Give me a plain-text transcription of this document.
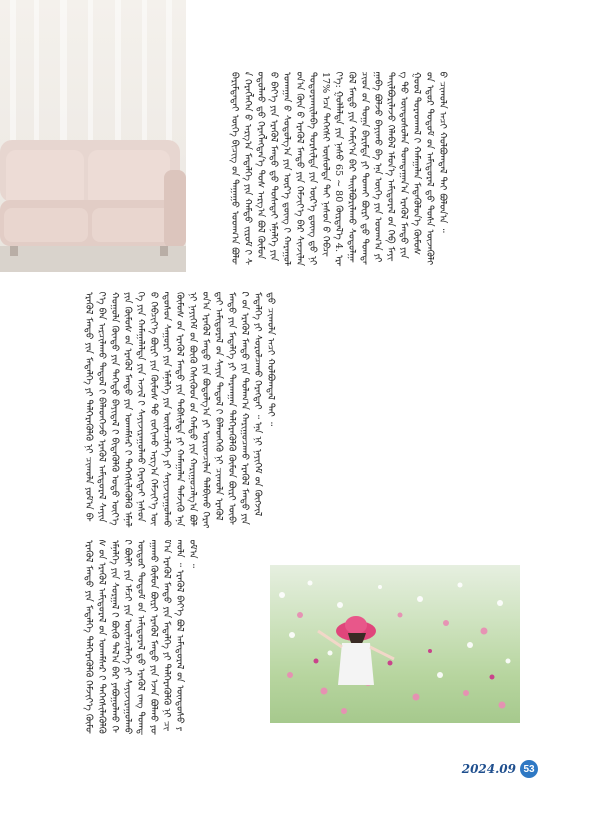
ᠪᠠᠷᠢᠮᠲᠠᠳᠠᠢ ᠦᠭᠡ ᠪᠢᠴᠢᠭ᠌ ᠤ᠋ᠨ ᠳᠠᠭᠠᠭᠤ ᠤᠳᠬ᠎ᠠ ᠪᠣᠯᠤᠨ ᠬᠡᠷᠡᠭᠯᠡᠭᠡᠨ ᠤ᠋ ᠠᠷᠭ᠎ᠠ ᠮᠡᠳᠡᠯᠭᠡ ᠶᠢᠨ ᠬᠠᠮᠲᠤ ᠵᠢᠷᠤᠮ ᠢ᠋ ᠰᠤᠳᠤᠯᠬᠤ ᠳ᠋ᠤ᠌ ᠬᠡᠷᠡᠭᠯᠡᠭᠳᠡᠨ᠎ᠡ ᠲᠤᠰ ᠠᠷᠭ᠎ᠠ ᠪᠣᠯ ᠬᠦᠮᠦᠨ ᠦ᠌ ᠪᠡᠶ᠎ᠡ ᠶᠢᠨ ᠡᠷᠡᠭᠦᠯ ᠮᠡᠨᠳᠦ ᠳ᠋ᠤ᠌ ᠲᠤᠰᠠᠲᠠᠢ ᠡᠮᠨᠡᠯᠭᠡ ᠶᠢᠨ ᠤᠬᠠᠭᠠᠨ ᠤ᠋ ᠰᠤᠳᠤᠯᠭ᠎ᠠ ᠶᠢᠨ ᠦᠷ᠎ᠡ ᠳ᠋ᠦᠩ ᠢ᠋ ᠬᠠᠷᠠᠭᠤᠯᠤᠨ᠎ᠠ ᠬᠦᠨ ᠦ᠌ ᠡᠷᠡᠭᠦᠯ ᠮᠡᠨᠳᠦ ᠶᠢᠨ ᠬᠡᠮᠵᠢᠶ᠎ᠡ ᠪᠡᠷ ᠰᠢᠨᠵᠢᠯᠡᠨ ᠲᠣᠳᠣᠷᠬᠠᠢᠯᠠᠪᠠ ᠲᠤᠷᠰᠢᠯᠲᠠ ᠶᠢᠨ ᠦᠷ᠎ᠡ ᠳ᠋ᠦᠩ ᠳ᠋ᠤ᠌ ᠨᠢ 17% ᠡᠴᠡ ᠳᠡᠭᠡᠭᠰᠢ ᠦᠰᠦᠯᠲᠡ ᠲᠠᠢ ᠨᠠᠰᠤᠨ ᠤ᠋ ᠬᠡᠪᠴᠢᠶ᠎ᠡ: ᠭᠣᠯᠯᠠᠯᠲᠠ ᠶᠢᠨ ᠨᠠᠰᠤ 65 ~ 80 ᠬᠦᠷᠲᠡᠯ᠎ᠡ 4. ᠡᠷᠡᠭᠦᠯ ᠮᠡᠨᠳᠦ ᠶᠢᠨ ᠬᠠᠮᠢᠶ᠎ᠠ ᠪᠠᠷ ᠲᠠᠢᠯᠪᠤᠷᠢᠯᠠᠬᠤ ᠰᠤᠳᠤᠯᠭᠠᠴᠢᠳ ᠤ᠋ᠨ ᠲᠣᠭᠠ ᠪᠠᠷᠢᠮᠲᠠ ᠶᠢ ᠲᠤᠬᠠᠢ ᠪᠦᠷᠢ ᠳ᠋ᠤ᠌ ᠲᠣᠭᠲᠠᠭᠠᠪᠠ ᠪᠣᠯᠵᠤ ᠪᠠᠶᠢᠬᠤ ᠪᠠ ᠡᠨᠡ ᠦᠭᠡ ᠶᠢᠨ ᠤᠳᠬ᠎ᠠ ᠶᠢ ᠲᠠᠢᠯᠪᠤᠷᠢᠯᠠᠵᠤ ᠬᠡᠯᠡᠪᠡᠯ ᠡᠮᠦᠨ᠎ᠡ ᠠᠮᠢᠳᠤᠷᠠᠯ ᠤ᠋ᠨ ᠬᠡᠪ ᠮᠠᠶᠢᠭ ᠲᠤ᠌ ᠦᠨᠳᠦᠰᠦᠯᠡᠨ ᠲᠣᠭᠲᠠᠭᠠᠨ᠎ᠠ ᠡᠷᠡᠭᠦᠯ ᠮᠡᠨᠳᠦ ᠶᠢᠨ ᠭᠣᠣᠯ ᠳᠤᠷᠠᠳᠬᠠᠯ ᠢ᠋ ᠬᠠᠮᠠᠭᠠᠯᠠᠨ ᠮᠡᠳᠡᠭᠦᠯᠦᠨ᠎ᠡ ᠬᠦᠮᠦᠰ ᠦ᠋ᠨ ᠡᠳᠦᠷ ᠲᠤᠲᠤᠮ ᠤ᠋ᠨ ᠠᠮᠢᠳᠤᠷᠠᠯ ᠳ᠋ᠤ᠌ ᠲᠤᠰᠠ ᠦᠵᠡᠭᠦᠯᠬᠦ ᠴᠢᠬᠤᠯᠠ ᠠᠴᠢ ᠬᠣᠯᠪᠣᠭᠳᠠᠯ ᠲᠠᠢ ᠪᠣᠯᠤᠨ᠎ᠠ ᠃
ᠡᠷᠡᠭᠦᠯ ᠮᠡᠨᠳᠦ ᠶᠢᠨ ᠮᠡᠳᠡᠯᠭᠡ ᠶᠢ ᠳᠡᠯᠭᠡᠷᠡᠭᠦᠯᠬᠦ ᠨᠢ ᠴᠢᠬᠤᠯᠠ ᠶᠤᠮ᠎ᠠ ᠪᠡᠶ᠎ᠡ ᠪᠡᠨ ᠠᠷᠴᠢᠯᠠᠬᠤ ᠳᠠᠳᠤᠯ ᠢ᠋ ᠪᠡᠯᠡᠳᠬᠡᠵᠦ ᠡᠷᠡᠭᠦᠯ ᠠᠮᠢᠳᠤᠷᠠᠯ ᠰᠠᠶᠢᠨ ᠬᠣᠭᠣᠯᠠ ᠬᠦᠨᠳᠦ ᠶᠢᠨ ᠳᠡᠭᠡᠳᠦ ᠪᠠᠶᠢᠳᠠᠯ ᠢ᠋ ᠪᠢᠳᠡᠭᠦᠯᠬᠦ ᠣᠳᠣ ᠦᠶ᠎ᠡ ᠶᠢᠨ ᠬᠦᠮᠦᠰ ᠤ᠋ᠨ ᠡᠷᠡᠭᠦᠯ ᠮᠡᠨᠳᠦ ᠶᠢᠨ ᠤᠬᠠᠮᠰᠠᠷ ᠢ᠋ ᠳᠡᠭᠡᠭᠰᠢᠯᠡᠭᠦᠯᠬᠦ ᠡᠮᠨᠡᠯᠭᠡ ᠶᠢᠨ ᠬᠠᠮᠠᠭᠠᠯᠠᠯᠲᠠ ᠶᠢᠨ ᠠᠵᠢᠯ ᠢ᠋ ᠰᠠᠶᠢᠵᠢᠷᠠᠭᠤᠯᠬᠤ ᠬᠡᠷᠡᠭᠲᠡᠶ ᠨᠠᠰᠤᠨ ᠤ᠋ ᠬᠡᠪᠴᠢᠶ᠎ᠡ ᠪᠦᠷᠢ ᠶᠢᠨ ᠬᠦᠮᠦᠰ ᠲᠤ᠌ ᠵᠣᠬᠢᠬᠤ ᠠᠷᠭ᠎ᠠ ᠬᠡᠮᠵᠢᠶ᠎ᠡ ᠦᠨᠳᠦᠰᠦᠨ ᠰᠠᠭᠤᠷᠢ ᠶᠢᠨ ᠡᠮᠨᠡᠯᠭᠡ ᠶᠢᠨ ᠦᠢᠯᠡᠴᠢᠯᠡᠭᠡ ᠶᠢ ᠰᠠᠶᠢᠵᠢᠷᠠᠭᠤᠯᠬᠤ ᠬᠦᠮᠦᠰ ᠦ᠋ᠨ ᠡᠷᠡᠭᠦᠯ ᠮᠡᠨᠳᠦ ᠶᠢᠨ ᠳᠡᠪᠰᠢᠯᠲᠡ ᠶᠢ ᠬᠠᠮᠠᠭᠠᠯᠠᠨ ᠳᠡᠮᠵᠢᠬᠦ ᠡᠨᠡ ᠨᠢ ᠨᠡᠶᠢᠭᠡᠮ ᠦ᠋ᠨ ᠪᠦᠬᠦ ᠭᠡᠰᠢᠭᠦᠳ ᠦ᠋ᠨ ᠬᠠᠮᠲᠤ ᠶᠢᠨ ᠬᠠᠷᠢᠭᠤᠴᠠᠯᠭ᠎ᠠ ᠪᠣᠯᠤᠨ᠎ᠠ ᠡᠷᠡᠭᠦᠯ ᠮᠡᠨᠳᠦ ᠶᠢᠨ ᠪᠣᠳᠣᠯᠭ᠎ᠠ ᠶᠢ ᠤᠷᠢᠳᠴᠢᠯᠠᠨ ᠲᠠᠯᠪᠢᠬᠤ ᠬᠡᠷᠡᠭᠲᠡᠶ ᠠᠮᠢᠳᠤᠷᠠᠯ ᠤ᠋ᠨ ᠰᠠᠶᠢᠨ ᠳᠠᠳᠤᠯ ᠢ᠋ ᠪᠡᠯᠡᠳᠬᠡᠬᠦ ᠨᠢ ᠴᠢᠬᠤᠯᠠ ᠡᠷᠡᠭᠦᠯ ᠮᠡᠨᠳᠦ ᠶᠢᠨ ᠮᠡᠳᠡᠯᠭᠡ ᠶᠢ ᠲᠠᠷᠬᠠᠭᠠᠨ ᠳᠡᠯᠭᠡᠷᠡᠭᠦᠯᠬᠦ ᠬᠦᠮᠦᠨ ᠪᠦᠷᠢ ᠥᠪᠡᠷ ᠤ᠋ᠨ ᠡᠷᠡᠭᠦᠯ ᠮᠡᠨᠳᠦ ᠶᠢᠨ ᠲᠤᠯᠠᠭ᠎ᠠ ᠬᠠᠷᠢᠭᠤᠴᠠᠬᠤ ᠡᠷᠡᠭᠦᠯ ᠮᠡᠨᠳᠦ ᠶᠢᠨ ᠮᠡᠳᠡᠯᠭᠡ ᠶᠢ ᠰᠤᠷᠤᠯᠴᠠᠬᠤ ᠬᠡᠷᠡᠭᠲᠡᠶ ᠃ ᠡᠨᠡ ᠨᠢ ᠨᠡᠶᠢᠭᠡᠮ ᠦ᠋ᠨ ᠬᠥᠭᠵᠢᠯ ᠳ᠋ᠦ᠍ ᠴᠢᠬᠤᠯᠠ ᠠᠴᠢ ᠬᠣᠯᠪᠣᠭᠳᠠᠯ ᠲᠠᠢ ᠃
ᠡᠷᠡᠭᠦᠯ ᠮᠡᠨᠳᠦ ᠶᠢᠨ ᠮᠡᠳᠡᠯᠭᠡ ᠳᠡᠯᠭᠡᠷᠡᠭᠦᠯᠬᠦ ᠬᠡᠮᠵᠢᠶ᠎ᠡ ᠬᠦᠮᠦᠰ ᠦ᠋ᠨ ᠡᠷᠡᠭᠦᠯ ᠠᠮᠢᠳᠤᠷᠠᠯ ᠤ᠋ᠨ ᠤᠬᠠᠮᠰᠠᠷ ᠢ᠋ ᠳᠡᠭᠡᠭᠰᠢᠯᠡᠭᠦᠯᠬᠦ ᠡᠮᠨᠡᠯᠭᠡ ᠶᠢᠨ ᠰᠤᠷᠭᠠᠯ ᠢ᠋ ᠪᠦᠬᠦ ᠲᠠᠯ᠎ᠠ ᠪᠠᠷ ᠶᠠᠪᠤᠭᠤᠯᠬᠤ ᠭᠡᠷ ᠪᠦᠯᠢ ᠶᠢᠨ ᠡᠮᠴᠢ ᠶᠢᠨ ᠦᠢᠯᠡᠴᠢᠯᠡᠭᠡ ᠶᠢ ᠰᠠᠶᠢᠵᠢᠷᠠᠭᠤᠯᠬᠤ ᠥᠳᠥᠷ ᠲᠤᠲᠤᠮ ᠤ᠋ᠨ ᠠᠮᠢᠳᠤᠷᠠᠯ ᠳ᠋ᠤ᠌ ᠡᠷᠡᠭᠦᠯ ᠵᠠᠩ ᠲᠣᠭᠲᠠᠭᠠᠬᠤ ᠬᠦᠮᠦᠨ ᠪᠦᠷᠢ ᠡᠷᠡᠭᠦᠯ ᠮᠡᠨᠳᠦ ᠶᠢᠨ ᠡᠵᠡᠨ ᠪᠣᠯᠬᠤ ᠶᠤᠮ᠎ᠠ ᠡᠷᠡᠭᠦᠯ ᠮᠡᠨᠳᠦ ᠶᠢᠨ ᠮᠡᠳᠡᠯᠭᠡ ᠶᠢ ᠳᠡᠯᠭᠡᠷᠡᠭᠦᠯᠬᠦ ᠨᠢ ᠴᠢᠬᠤᠯᠠ ᠃ ᠡᠷᠡᠭᠦᠯ ᠪᠡᠶ᠎ᠡ ᠪᠣᠯ ᠠᠮᠢᠳᠤᠷᠠᠯ ᠤ᠋ᠨ ᠦᠨᠳᠦᠰᠦ ᠶᠤᠮ᠎ᠠ ᠃
2024.09 53
